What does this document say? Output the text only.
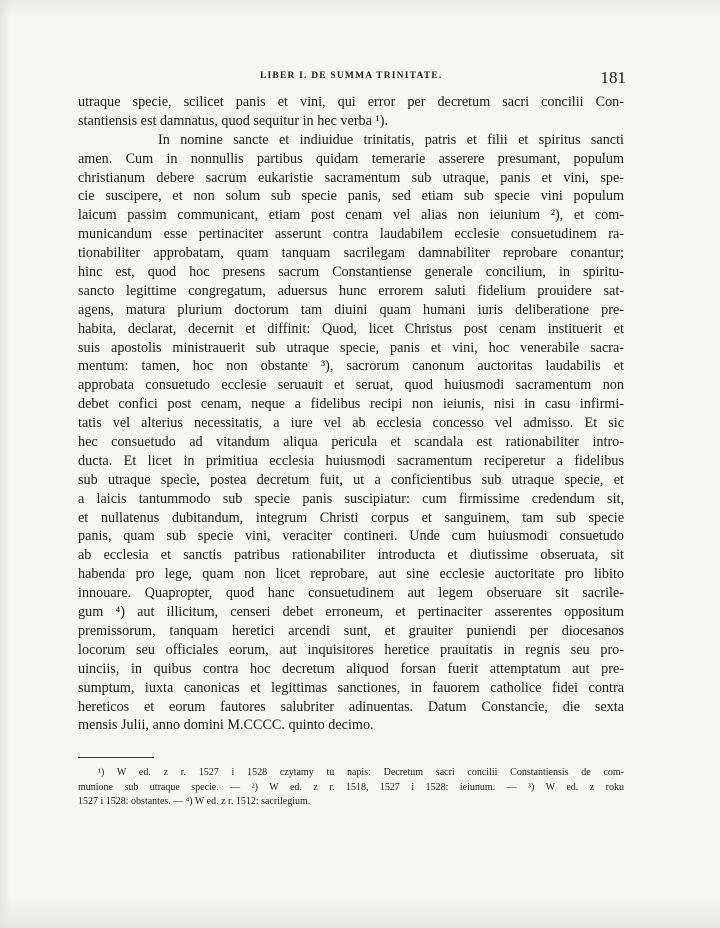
LIBER I. DE SUMMA TRINITATE.	181
utraque specie, scilicet panis et vini, qui error per decretum sacri concilii Con-
stantiensis est damnatus, quod sequitur in hec verba ¹).
In nomine sancte et indiuidue trinitatis, patris et filii et spiritus sancti
amen. Cum in nonnullis partibus quidam temerarie asserere presumant, populum
christianum debere sacrum eukaristie sacramentum sub utraque, panis et vini, spe-
cie suscipere, et non solum sub specie panis, sed etiam sub specie vini populum
laicum passim communicant, etiam post cenam vel alias non ieiunium ²), et com-
municandum esse pertinaciter asserunt contra laudabilem ecclesie consuetudinem ra-
tionabiliter approbatam, quam tanquam sacrilegam damnabiliter reprobare conantur;
hinc est, quod hoc presens sacrum Constantiense generale concilium, in spiritu-
sancto legittime congregatum, aduersus hunc errorem saluti fidelium prouidere sat-
agens, matura plurium doctorum tam diuini quam humani iuris deliberatione pre-
habita, declarat, decernit et diffinit: Quod, licet Christus post cenam instituerit et
suis apostolis ministrauerit sub utraque specie, panis et vini, hoc venerabile sacra-
mentum: tamen, hoc non obstante ³), sacrorum canonum auctoritas laudabilis et
approbata consuetudo ecclesie seruauit et seruat, quod huiusmodi sacramentum non
debet confici post cenam, neque a fidelibus recipi non ieiunis, nisi in casu infirmi-
tatis vel alterius necessitatis, a iure vel ab ecclesia concesso vel admisso. Et sic
hec consuetudo ad vitandum aliqua pericula et scandala est rationabiliter intro-
ducta. Et licet in primitiua ecclesia huiusmodi sacramentum reciperetur a fidelibus
sub utraque specie, postea decretum fuit, ut a conficientibus sub utraque specie, et
a laicis tantummodo sub specie panis suscipiatur: cum firmissime credendum sit,
et nullatenus dubitandum, integrum Christi corpus et sanguinem, tam sub specie
panis, quam sub specie vini, veraciter contineri. Unde cum huiusmodi consuetudo
ab ecclesia et sanctis patribus rationabiliter introducta et diutissime obseruata, sit
habenda pro lege, quam non licet reprobare, aut sine ecclesie auctoritate pro libito
innouare. Quapropter, quod hanc consuetudinem aut legem obseruare sit sacrile-
gum ⁴) aut illicitum, censeri debet erroneum, et pertinaciter asserentes oppositum
premissorum, tanquam heretici arcendi sunt, et grauiter puniendi per diocesanos
locorum seu officiales eorum, aut inquisitores heretice prauitatis in regnis seu pro-
uinciis, in quibus contra hoc decretum aliquod forsan fuerit attemptatum aut pre-
sumptum, iuxta canonicas et legittimas sanctiones, in fauorem catholice fidei contra
hereticos et eorum fautores salubriter adinuentas. Datum Constancie, die sexta
mensis Julii, anno domini M.CCCC. quinto decimo.
¹) W ed. z r. 1527 i 1528 czytamy tu napis: Decretum sacri concilii Constantiensis de com-
munione sub utraque specie. — ²) W ed. z r. 1518, 1527 i 1528: ieiunum. — ³) W ed. z roku
1527 i 1528: obstantes. — ⁴) W ed. z r. 1512: sacrilegium.
